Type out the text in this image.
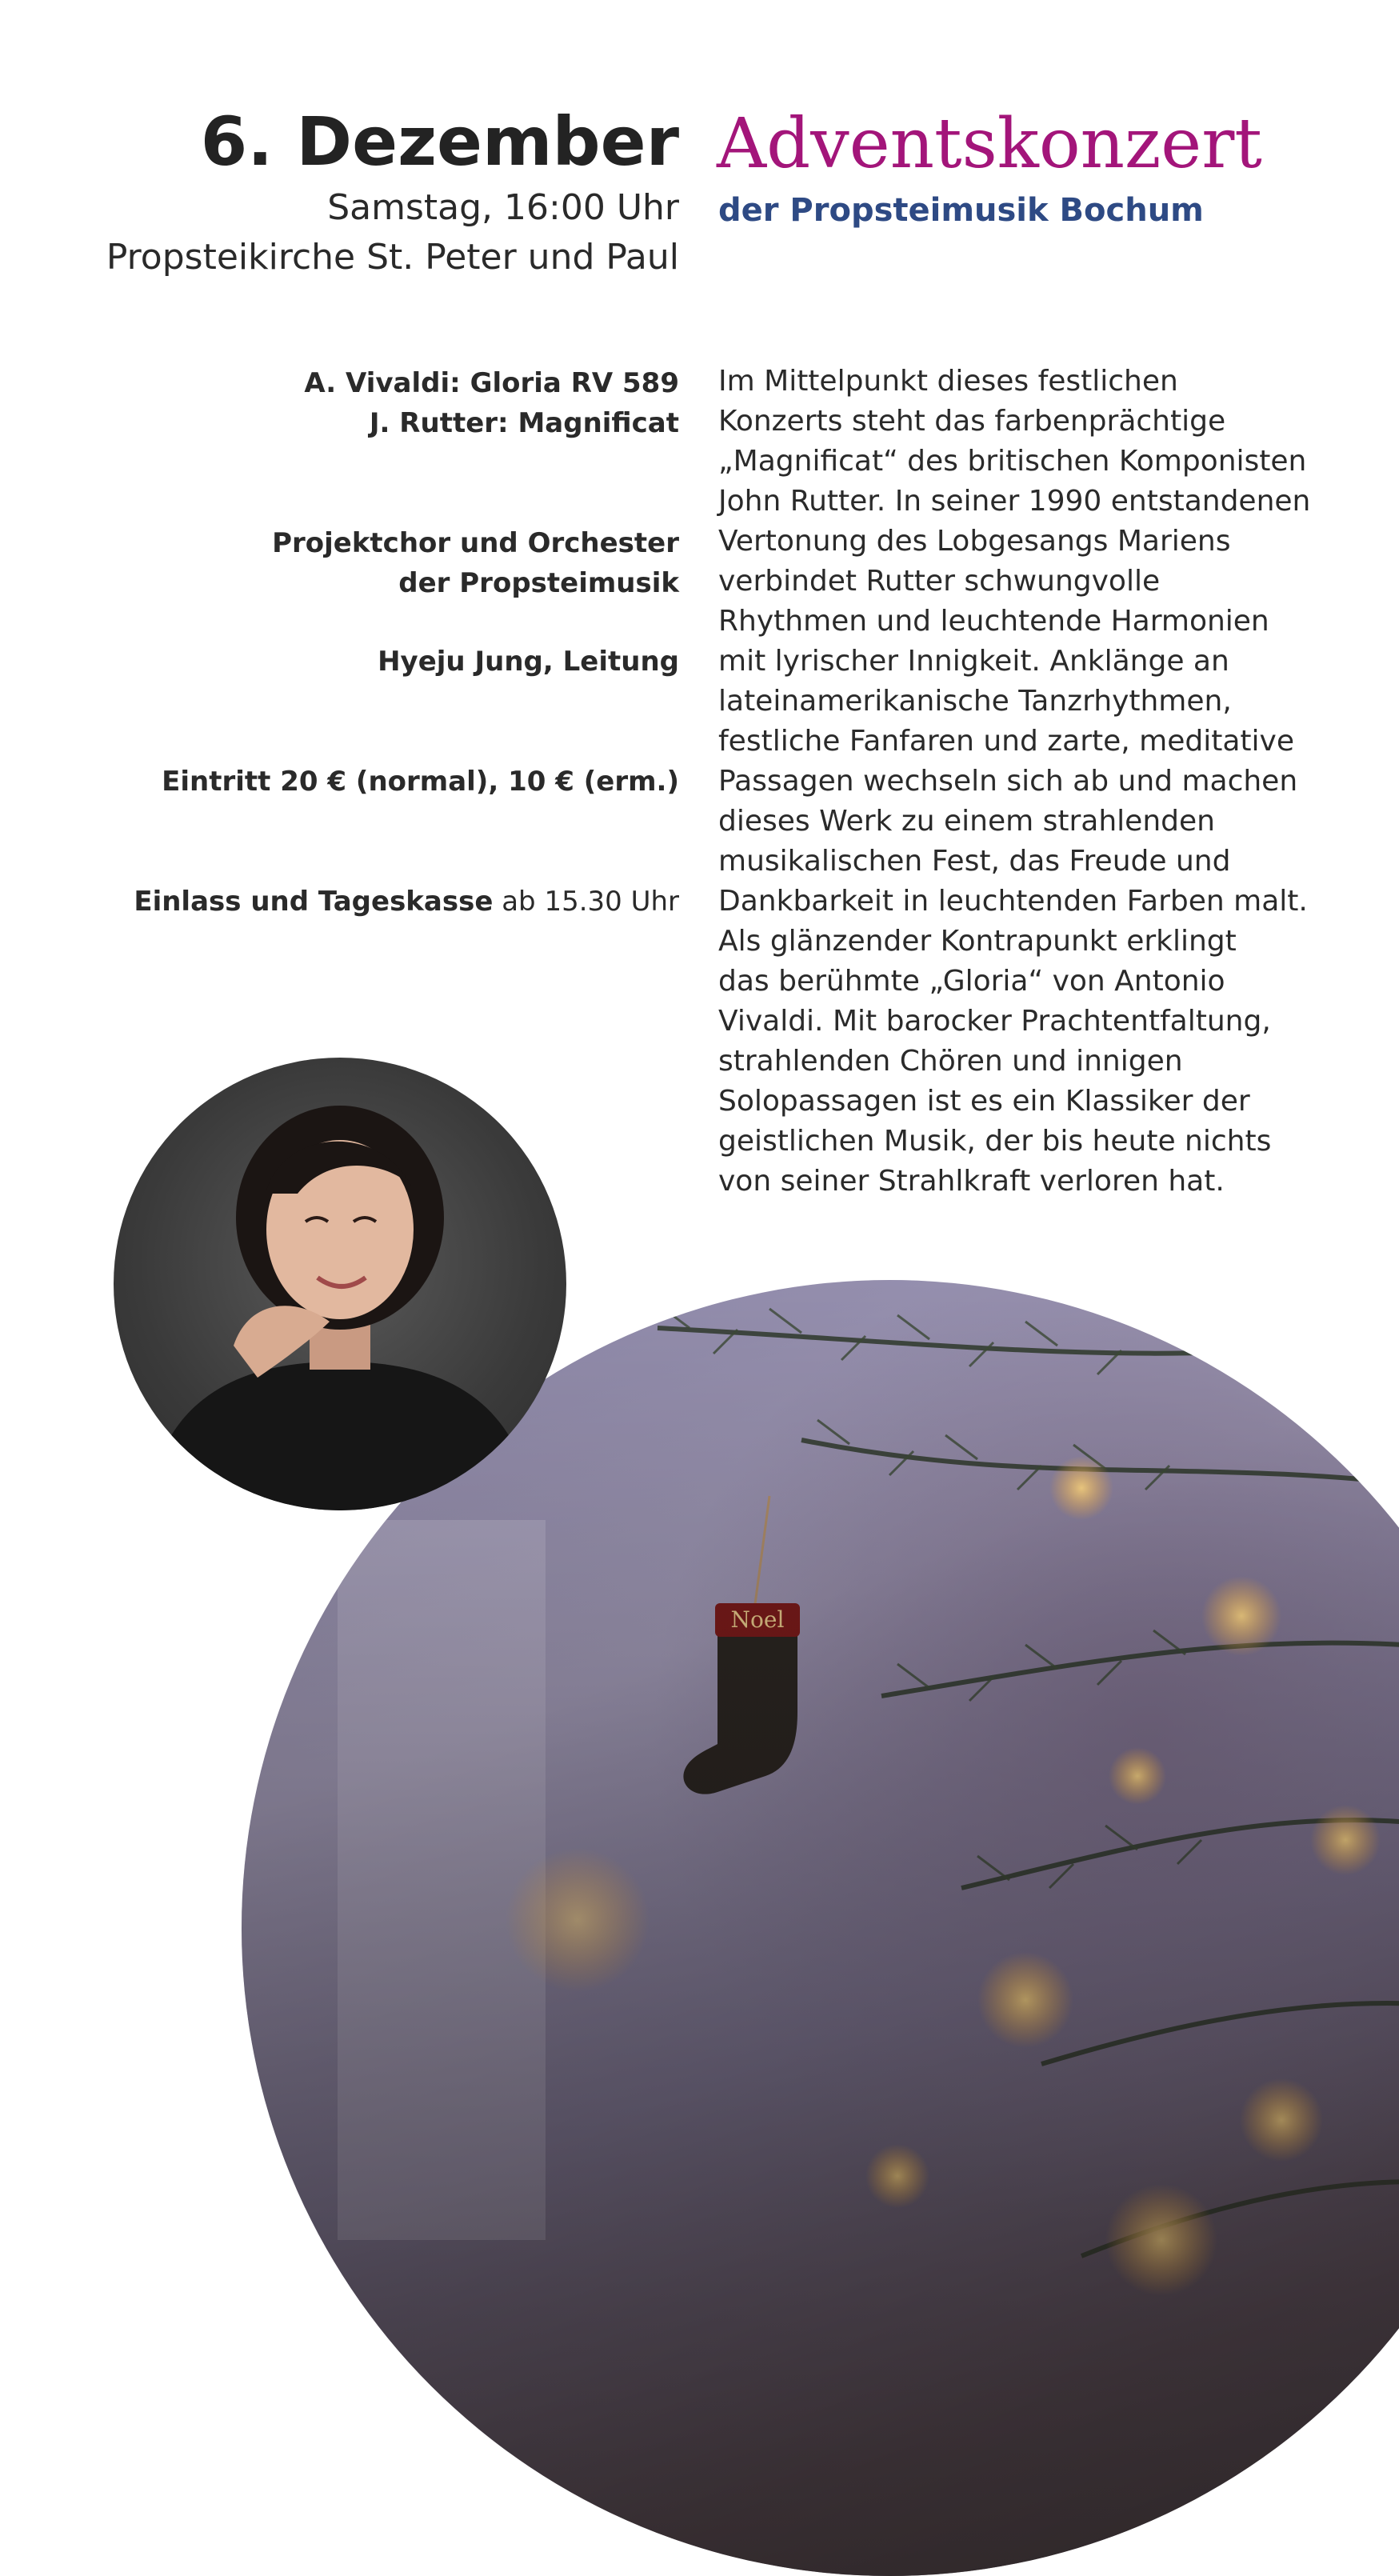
6. Dezember
Samstag, 16:00 Uhr
Propsteikirche St. Peter und Paul
Adventskonzert
der Propsteimusik Bochum
A. Vivaldi: Gloria RV 589
J. Rutter: Magnificat
Projektchor und Orchester
der Propsteimusik
Hyeju Jung, Leitung
Eintritt 20 € (normal), 10 € (erm.)
Einlass und Tageskasse ab 15.30 Uhr
Im Mittelpunkt dieses festlichen
Konzerts steht das farbenprächtige
„Magnificat“ des britischen Komponisten
John Rutter. In seiner 1990 entstandenen
Vertonung des Lobgesangs Mariens
verbindet Rutter schwungvolle
Rhythmen und leuchtende Harmonien
mit lyrischer Innigkeit. Anklänge an
lateinamerikanische Tanzrhythmen,
festliche Fanfaren und zarte, meditative
Passagen wechseln sich ab und machen
dieses Werk zu einem strahlenden
musikalischen Fest, das Freude und
Dankbarkeit in leuchtenden Farben malt.
Als glänzender Kontrapunkt erklingt
das berühmte „Gloria“ von Antonio
Vivaldi. Mit barocker Prachtentfaltung,
strahlenden Chören und innigen
Solopassagen ist es ein Klassiker der
geistlichen Musik, der bis heute nichts
von seiner Strahlkraft verloren hat.
